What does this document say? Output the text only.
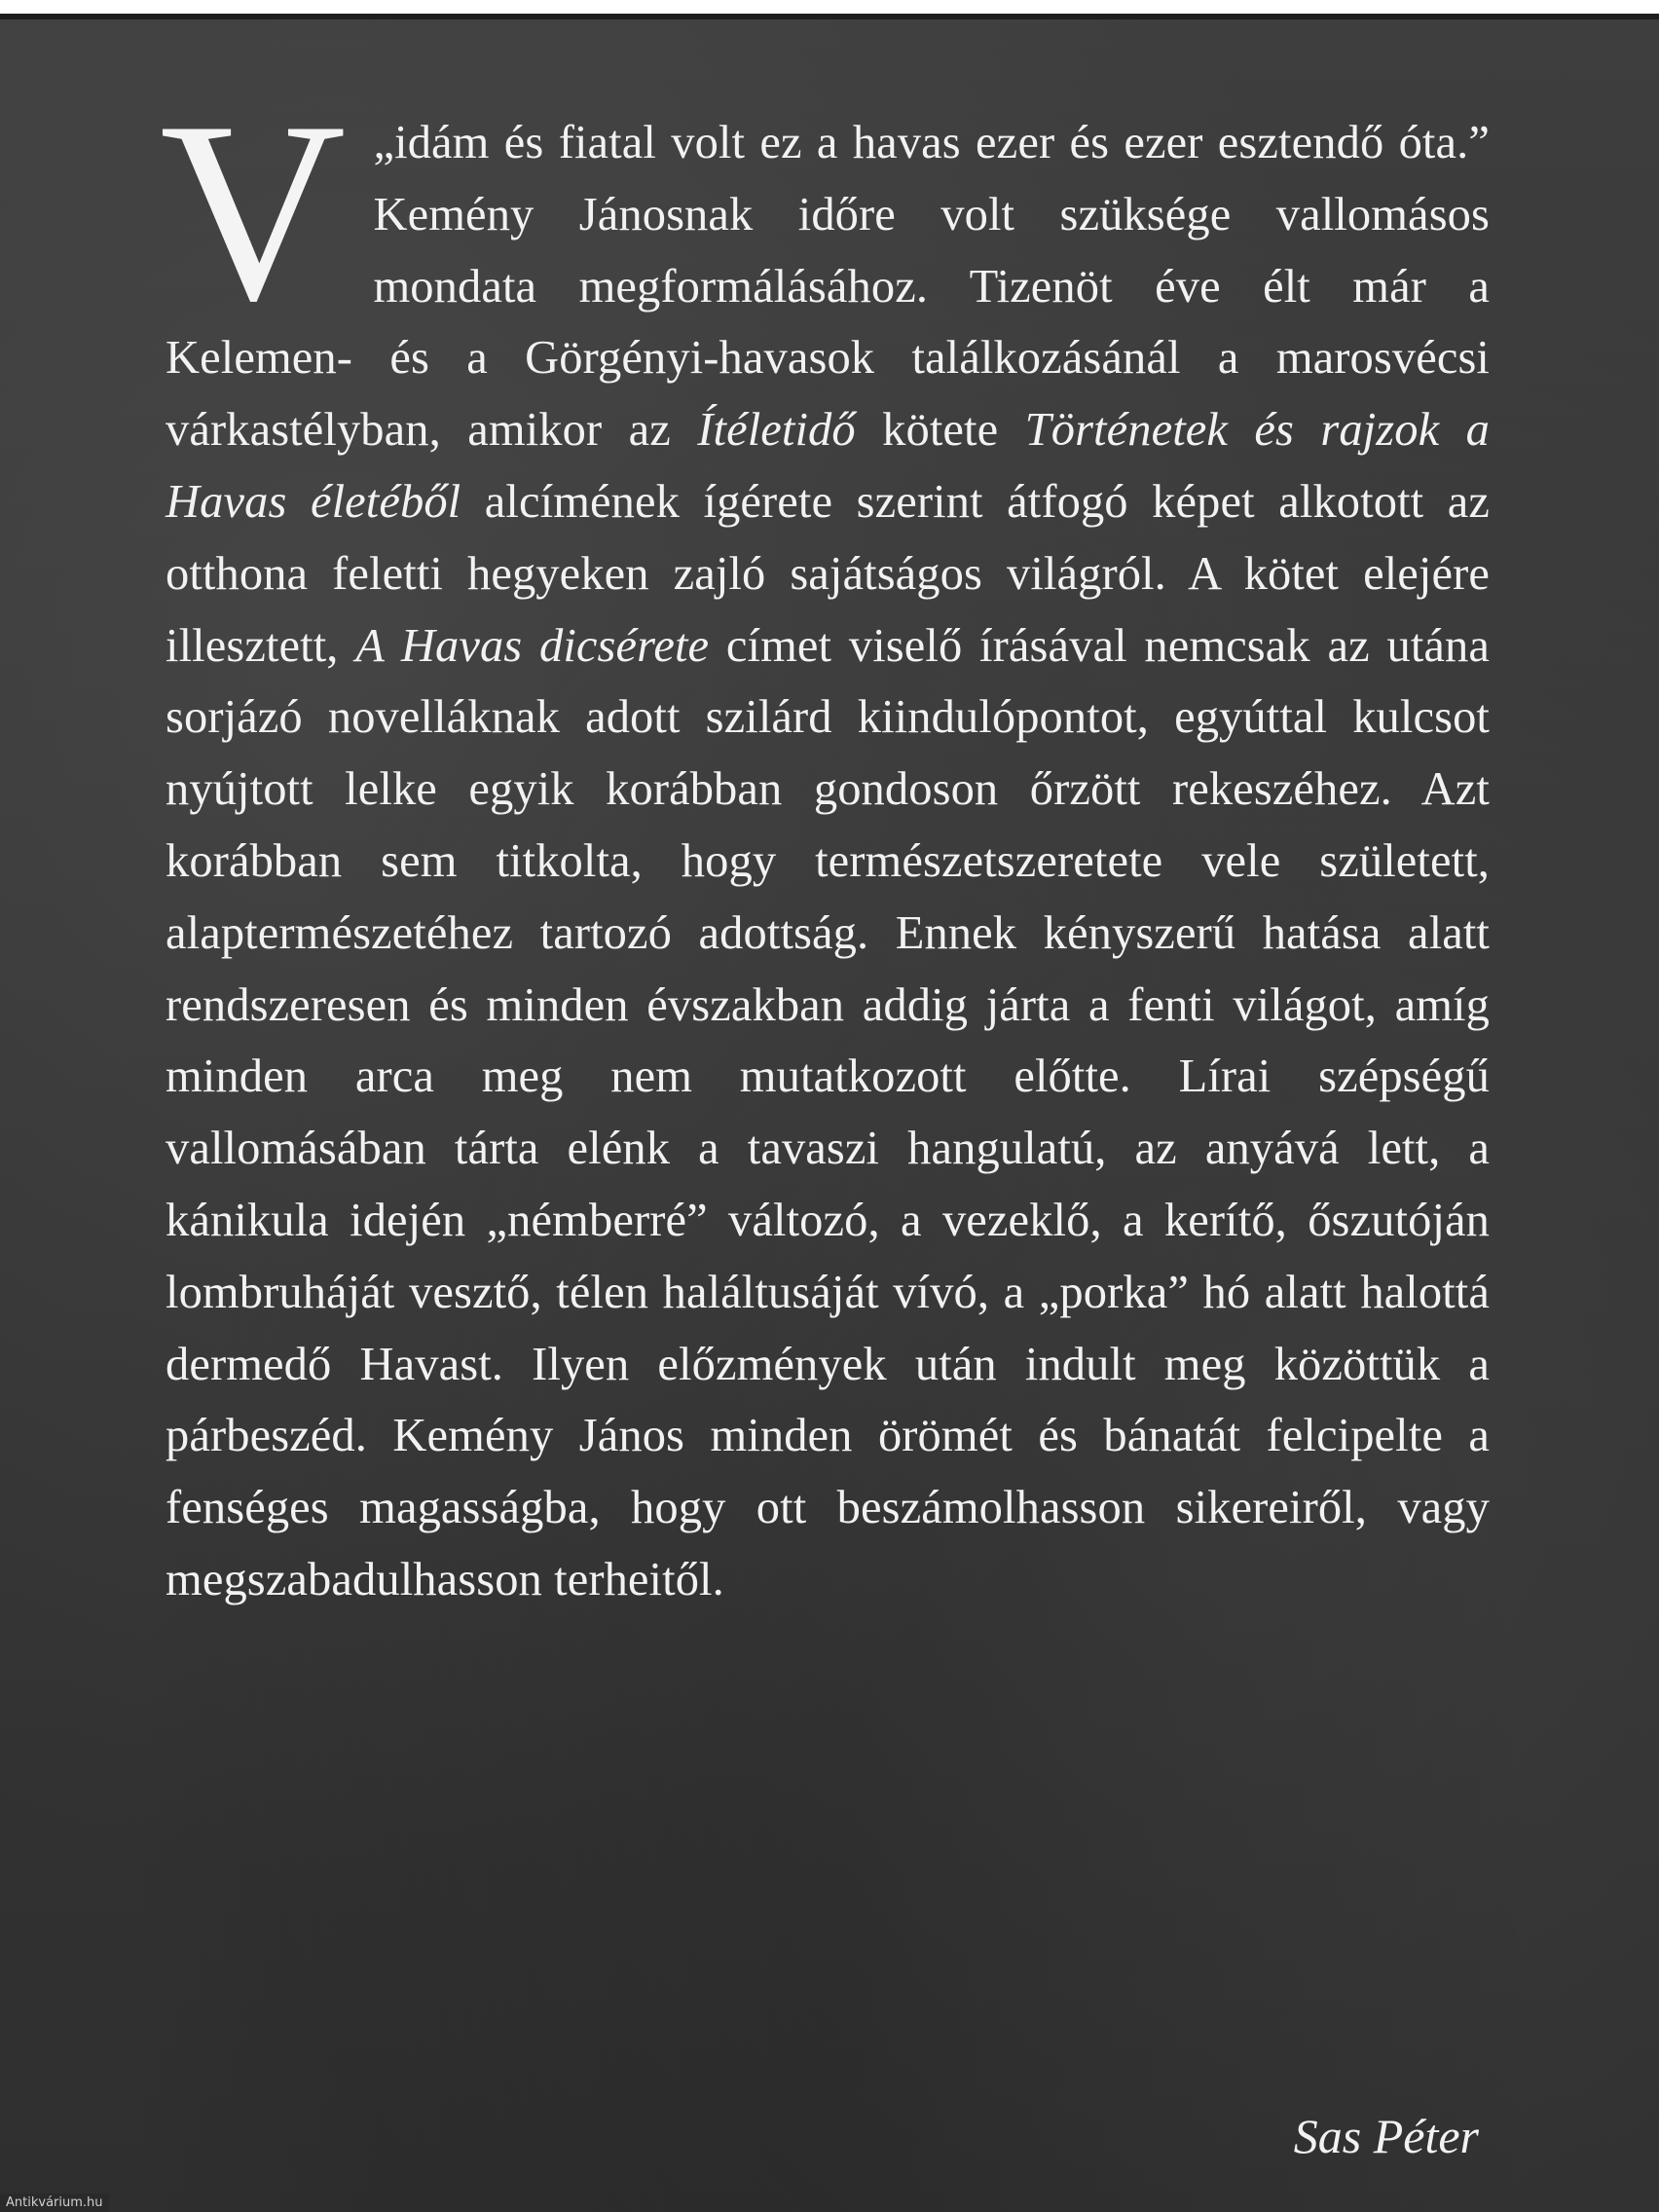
V „idám és fiatal volt ez a havas ezer és ezer esztendő óta.” Kemény Jánosnak időre volt szüksége vallomásos mondata megformálásához. Tizenöt éve élt már a Kelemen- és a Görgényi-havasok találkozásánál a marosvécsi várkastélyban, amikor az Ítéletidő kötete Történetek és rajzok a Havas életéből alcímének ígérete szerint átfogó képet alkotott az otthona feletti hegyeken zajló sajátságos világról. A kötet elejére illesztett, A Havas dicsérete címet viselő írásával nemcsak az utána sorjázó novelláknak adott szilárd kiindulópontot, egyúttal kulcsot nyújtott lelke egyik korábban gondoson őrzött rekeszéhez. Azt korábban sem titkolta, hogy természetszeretete vele született, alaptermészetéhez tartozó adottság. Ennek kényszerű hatása alatt rendszeresen és minden évszakban addig járta a fenti világot, amíg minden arca meg nem mutatkozott előtte. Lírai szépségű vallomásában tárta elénk a tavaszi hangulatú, az anyává lett, a kánikula idején „némberré” változó, a vezeklő, a kerítő, őszutóján lombruháját vesztő, télen haláltusáját vívó, a „porka” hó alatt halottá dermedő Havast. Ilyen előzmények után indult meg közöttük a párbeszéd. Kemény János minden örömét és bánatát felcipelte a fenséges magasságba, hogy ott beszámolhasson sikereiről, vagy megszabadulhasson terheitől.
Sas Péter
Antikvárium.hu
